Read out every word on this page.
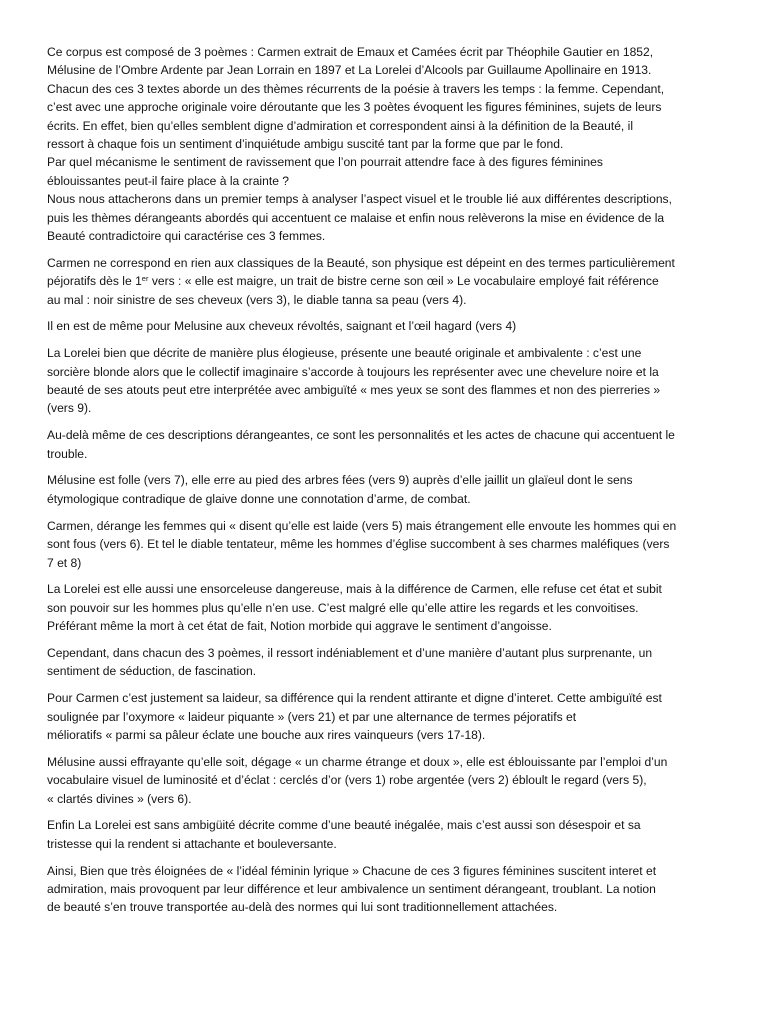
Ce corpus est composé de 3 poèmes : Carmen extrait de Emaux et Camées écrit par Théophile Gautier en 1852,
Mélusine de l’Ombre Ardente par Jean Lorrain en 1897 et La Lorelei d’Alcools par Guillaume Apollinaire en 1913.
Chacun des ces 3 textes aborde un des thèmes récurrents de la poésie à travers les temps : la femme. Cependant,
c’est avec une approche originale voire déroutante que les 3 poètes évoquent les figures féminines, sujets de leurs
écrits. En effet, bien qu’elles semblent digne d’admiration et correspondent ainsi à la définition de la Beauté, il
ressort à chaque fois un sentiment d’inquiétude ambigu suscité tant par la forme que par le fond.
Par quel mécanisme le sentiment de ravissement que l’on pourrait attendre face à des figures féminines
éblouissantes peut-il faire place à la crainte ?
Nous nous attacherons dans un premier temps à analyser l’aspect visuel et le trouble lié aux différentes descriptions,
puis les thèmes dérangeants abordés qui accentuent ce malaise et enfin nous relèverons la mise en évidence de la
Beauté contradictoire qui caractérise ces 3 femmes.
Carmen ne correspond en rien aux classiques de la Beauté, son physique est dépeint en des termes particulièrement
péjoratifs dès le 1er vers : « elle est maigre, un trait de bistre cerne son œil » Le vocabulaire employé fait référence
au mal : noir sinistre de ses cheveux (vers 3), le diable tanna sa peau (vers 4).
Il en est de même pour Melusine aux cheveux révoltés, saignant et l’œil hagard (vers 4)
La Lorelei bien que décrite de manière plus élogieuse, présente une beauté originale et ambivalente : c’est une
sorcière blonde alors que le collectif imaginaire s’accorde à toujours les représenter avec une chevelure noire et la
beauté de ses atouts peut etre interprétée avec ambiguïté « mes yeux se sont des flammes et non des pierreries »
(vers 9).
Au-delà même de ces descriptions dérangeantes, ce sont les personnalités et les actes de chacune qui accentuent le
trouble.
Mélusine est folle (vers 7), elle erre au pied des arbres fées (vers 9) auprès d’elle jaillit un glaïeul dont le sens
étymologique contradique de glaive donne une connotation d’arme, de combat.
Carmen, dérange les femmes qui « disent qu’elle est laide (vers 5) mais étrangement elle envoute les hommes qui en
sont fous (vers 6). Et tel le diable tentateur, même les hommes d’église succombent à ses charmes maléfiques (vers
7 et 8)
La Lorelei est elle aussi une ensorceleuse dangereuse, mais à la différence de Carmen, elle refuse cet état et subit
son pouvoir sur les hommes plus qu’elle n’en use. C’est malgré elle qu’elle attire les regards et les convoitises.
Préférant même la mort à cet état de fait, Notion morbide qui aggrave le sentiment d’angoisse.
Cependant, dans chacun des 3 poèmes, il ressort indéniablement et d’une manière d’autant plus surprenante, un
sentiment de séduction, de fascination.
Pour Carmen c’est justement sa laideur, sa différence qui la rendent attirante et digne d’interet. Cette ambiguïté est
soulignée par l’oxymore « laideur piquante » (vers 21) et par une alternance de termes péjoratifs et
mélioratifs « parmi sa pâleur éclate une bouche aux rires vainqueurs (vers 17-18).
Mélusine aussi effrayante qu’elle soit, dégage « un charme étrange et doux », elle est éblouissante par l’emploi d’un
vocabulaire visuel de luminosité et d’éclat : cerclés d’or (vers 1) robe argentée (vers 2) ébloult le regard (vers 5),
« clartés divines » (vers 6).
Enfin La Lorelei est sans ambigüité décrite comme d’une beauté inégalée, mais c’est aussi son désespoir et sa
tristesse qui la rendent si attachante et bouleversante.
Ainsi, Bien que très éloignées de « l’idéal féminin lyrique » Chacune de ces 3 figures féminines suscitent interet et
admiration, mais provoquent par leur différence et leur ambivalence un sentiment dérangeant, troublant. La notion
de beauté s’en trouve transportée au-delà des normes qui lui sont traditionnellement attachées.
